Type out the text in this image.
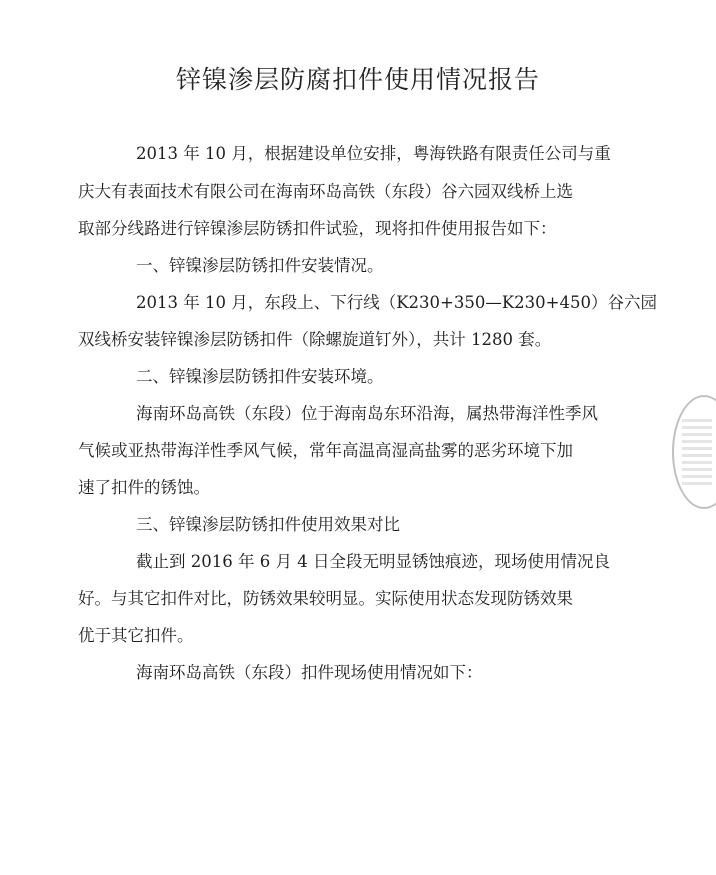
锌镍渗层防腐扣件使用情况报告
2013 年 10 月，根据建设单位安排，粤海铁路有限责任公司与重
庆大有表面技术有限公司在海南环岛高铁（东段）谷六园双线桥上选
取部分线路进行锌镍渗层防锈扣件试验，现将扣件使用报告如下：
一、锌镍渗层防锈扣件安装情况。
2013 年 10 月，东段上、下行线（K230+350—K230+450）谷六园
双线桥安装锌镍渗层防锈扣件（除螺旋道钉外），共计 1280 套。
二、锌镍渗层防锈扣件安装环境。
海南环岛高铁（东段）位于海南岛东环沿海，属热带海洋性季风
气候或亚热带海洋性季风气候，常年高温高湿高盐雾的恶劣环境下加
速了扣件的锈蚀。
三、锌镍渗层防锈扣件使用效果对比
截止到 2016 年 6 月 4 日全段无明显锈蚀痕迹，现场使用情况良
好。与其它扣件对比，防锈效果较明显。实际使用状态发现防锈效果
优于其它扣件。
海南环岛高铁（东段）扣件现场使用情况如下：
